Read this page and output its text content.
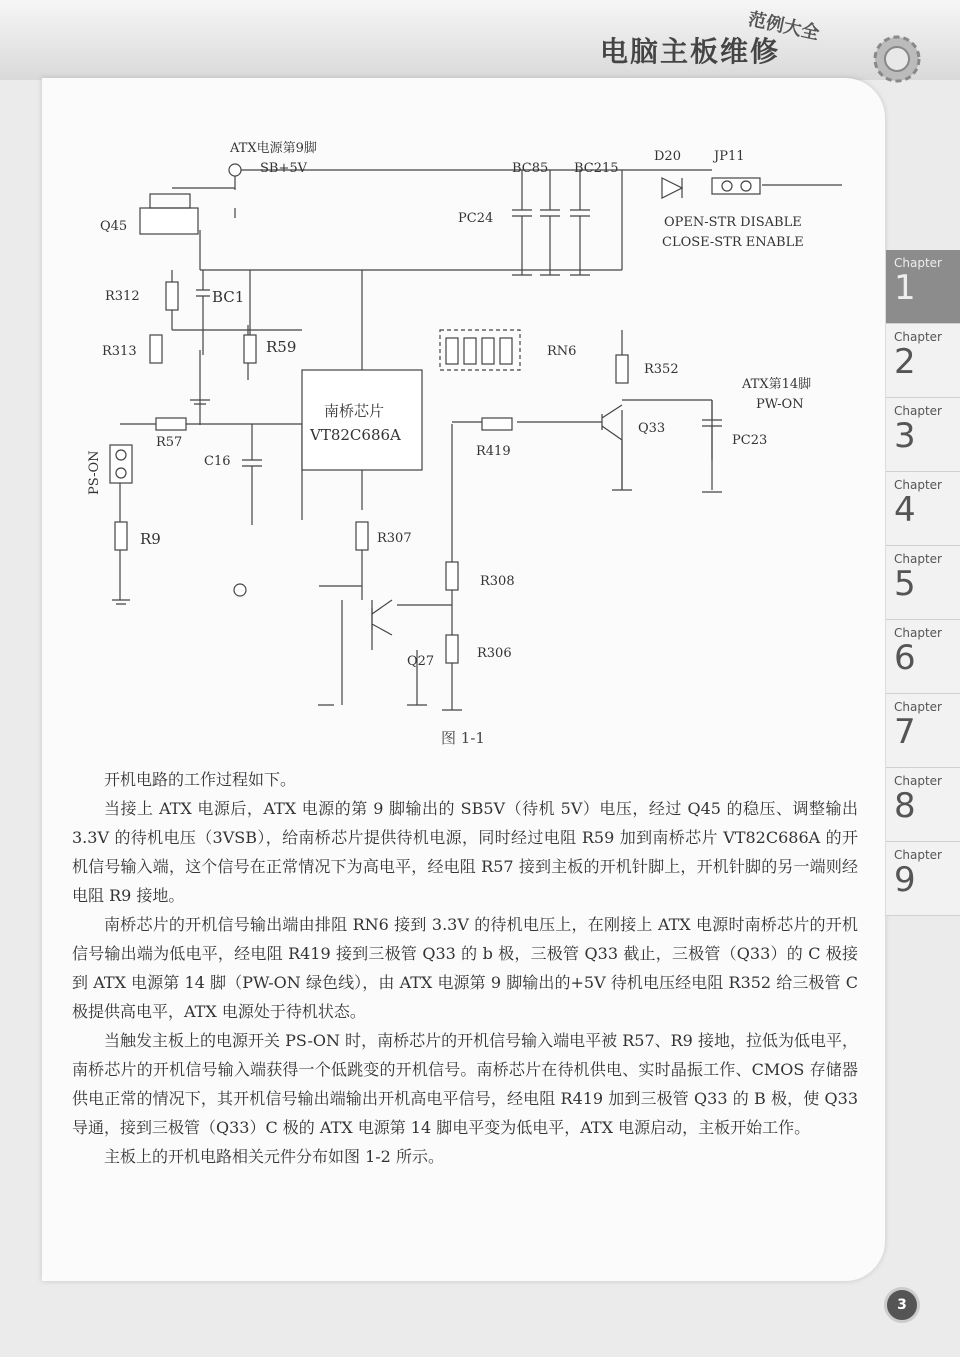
范例大全
电脑主板维修
Chapter
1
Chapter
2
Chapter
3
Chapter
4
Chapter
5
Chapter
6
Chapter
7
Chapter
8
Chapter
9
ATX电源第9脚
SB+5V	BC85 BC215
D20	JP11
PC24	OPEN-STR DISABLE
CLOSE-STR ENABLE
Q45
R312	BC1
R313	R59	RN6
R352
ATX第14脚
PW-ON
南桥芯片
VT82C686A
R57
C16
PS-ON	R419
Q33
PC23
R9	R307
R308
Q27
R306
图 1-1

开机电路的工作过程如下。

当接上 ATX 电源后，ATX 电源的第 9 脚输出的 SB5V（待机 5V）电压，经过 Q45 的稳压、调整输出 3.3V 的待机电压（3VSB），给南桥芯片提供待机电源，同时经过电阻 R59 加到南桥芯片 VT82C686A 的开机信号输入端，这个信号在正常情况下为高电平，经电阻 R57 接到主板的开机针脚上，开机针脚的另一端则经电阻 R9 接地。

南桥芯片的开机信号输出端由排阻 RN6 接到 3.3V 的待机电压上，在刚接上 ATX 电源时南桥芯片的开机信号输出端为低电平，经电阻 R419 接到三极管 Q33 的 b 极，三极管 Q33 截止，三极管（Q33）的 C 极接到 ATX 电源第 14 脚（PW-ON 绿色线），由 ATX 电源第 9 脚输出的+5V 待机电压经电阻 R352 给三极管 C 极提供高电平，ATX 电源处于待机状态。

当触发主板上的电源开关 PS-ON 时，南桥芯片的开机信号输入端电平被 R57、R9 接地，拉低为低电平，南桥芯片的开机信号输入端获得一个低跳变的开机信号。南桥芯片在待机供电、实时晶振工作、CMOS 存储器供电正常的情况下，其开机信号输出端输出开机高电平信号，经电阻 R419 加到三极管 Q33 的 B 极，使 Q33 导通，接到三极管（Q33）C 极的 ATX 电源第 14 脚电平变为低电平，ATX 电源启动，主板开始工作。

主板上的开机电路相关元件分布如图 1-2 所示。

3
